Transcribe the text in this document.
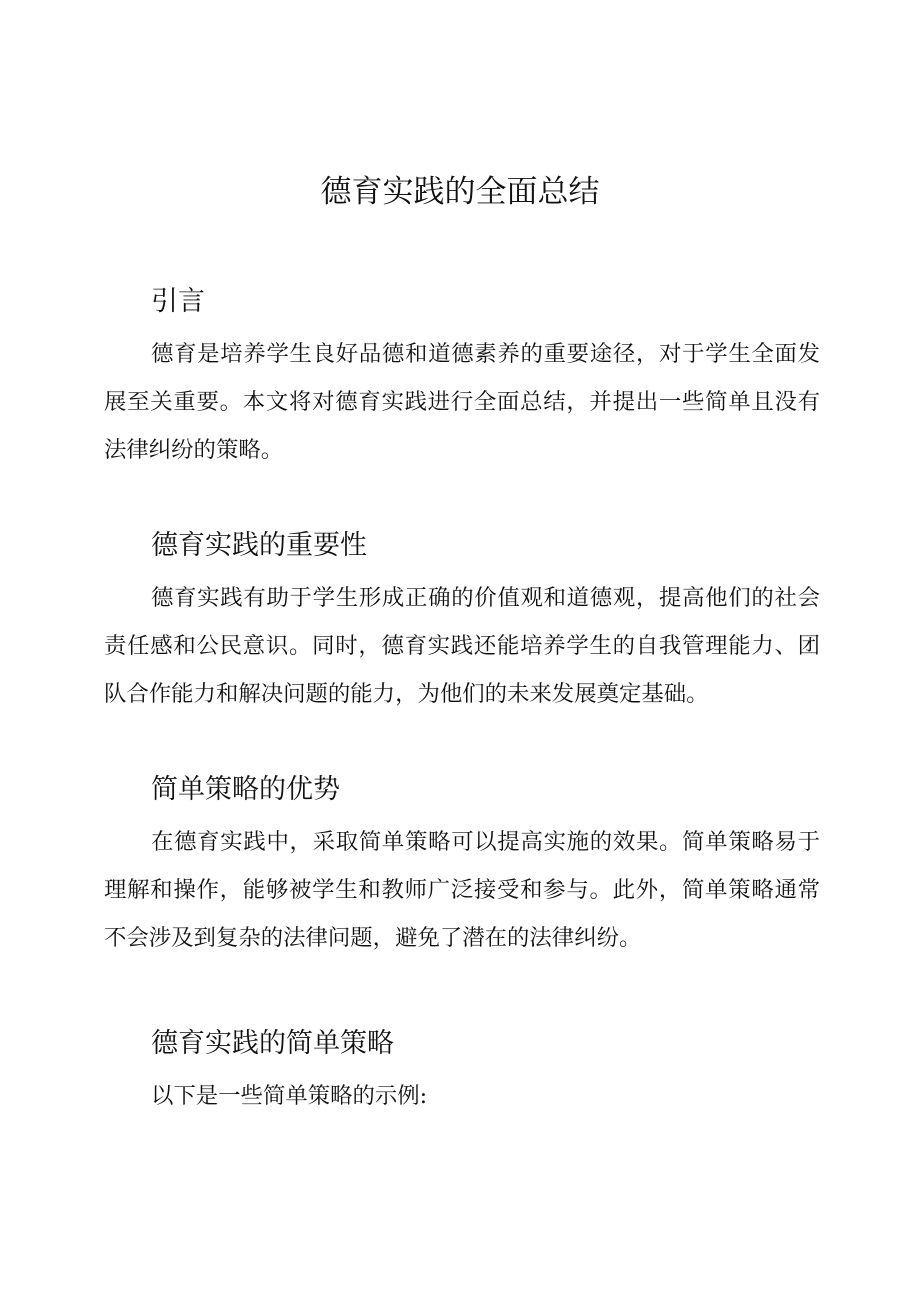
德育实践的全面总结
引言

德育是培养学生良好品德和道德素养的重要途径，对于学生全面发展至关重要。本文将对德育实践进行全面总结，并提出一些简单且没有法律纠纷的策略。

德育实践的重要性

德育实践有助于学生形成正确的价值观和道德观，提高他们的社会责任感和公民意识。同时，德育实践还能培养学生的自我管理能力、团队合作能力和解决问题的能力，为他们的未来发展奠定基础。

简单策略的优势

在德育实践中，采取简单策略可以提高实施的效果。简单策略易于理解和操作，能够被学生和教师广泛接受和参与。此外，简单策略通常不会涉及到复杂的法律问题，避免了潜在的法律纠纷。

德育实践的简单策略

以下是一些简单策略的示例:
